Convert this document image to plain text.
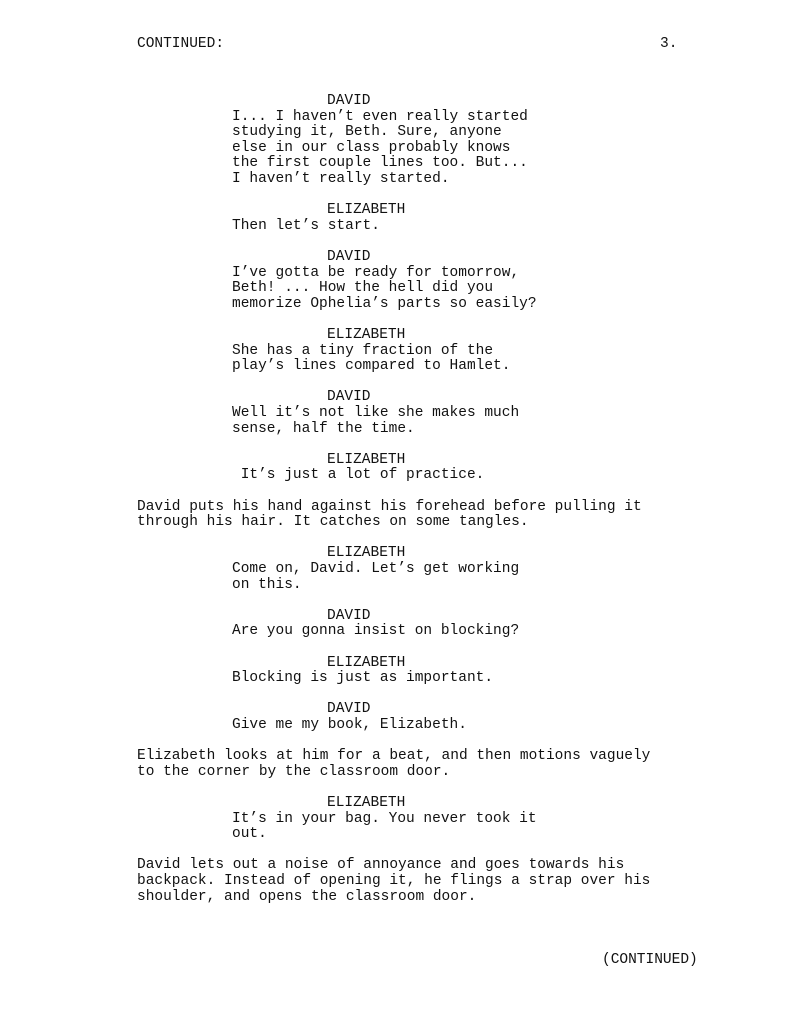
CONTINUED:	3.
DAVID
I... I haven’t even really started
studying it, Beth. Sure, anyone
else in our class probably knows
the first couple lines too. But...
I haven’t really started.
ELIZABETH
Then let’s start.
DAVID
I’ve gotta be ready for tomorrow,
Beth! ... How the hell did you
memorize Ophelia’s parts so easily?
ELIZABETH
She has a tiny fraction of the
play’s lines compared to Hamlet.
DAVID
Well it’s not like she makes much
sense, half the time.
ELIZABETH
It’s just a lot of practice.
David puts his hand against his forehead before pulling it
through his hair. It catches on some tangles.
ELIZABETH
Come on, David. Let’s get working
on this.
DAVID
Are you gonna insist on blocking?
ELIZABETH
Blocking is just as important.
DAVID
Give me my book, Elizabeth.
Elizabeth looks at him for a beat, and then motions vaguely
to the corner by the classroom door.
ELIZABETH
It’s in your bag. You never took it
out.
David lets out a noise of annoyance and goes towards his
backpack. Instead of opening it, he flings a strap over his
shoulder, and opens the classroom door.
(CONTINUED)
